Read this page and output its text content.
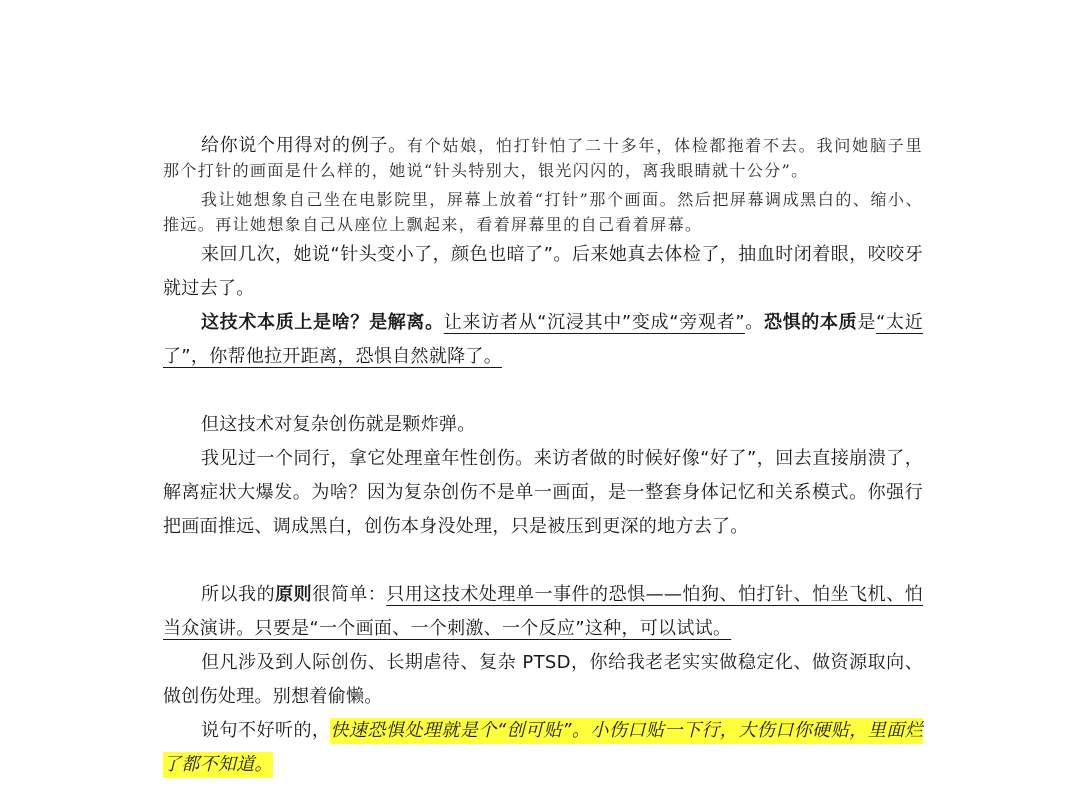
给你说个用得对的例子。有个姑娘，怕打针怕了二十多年，体检都拖着不去。我问她脑子里那个打针的画面是什么样的，她说“针头特别大，银光闪闪的，离我眼睛就十公分”。

我让她想象自己坐在电影院里，屏幕上放着“打针”那个画面。然后把屏幕调成黑白的、缩小、推远。再让她想象自己从座位上飘起来，看着屏幕里的自己看着屏幕。

来回几次，她说“针头变小了，颜色也暗了”。后来她真去体检了，抽血时闭着眼，咬咬牙就过去了。

这技术本质上是啥？是解离。让来访者从“沉浸其中”变成“旁观者”。恐惧的本质是“太近了”，你帮他拉开距离，恐惧自然就降了。

但这技术对复杂创伤就是颗炸弹。

我见过一个同行，拿它处理童年性创伤。来访者做的时候好像“好了”，回去直接崩溃了，解离症状大爆发。为啥？因为复杂创伤不是单一画面，是一整套身体记忆和关系模式。你强行把画面推远、调成黑白，创伤本身没处理，只是被压到更深的地方去了。

所以我的原则很简单：只用这技术处理单一事件的恐惧——怕狗、怕打针、怕坐飞机、怕当众演讲。只要是“一个画面、一个刺激、一个反应”这种，可以试试。

但凡涉及到人际创伤、长期虐待、复杂 PTSD，你给我老老实实做稳定化、做资源取向、做创伤处理。别想着偷懒。

说句不好听的，快速恐惧处理就是个“创可贴”。小伤口贴一下行，大伤口你硬贴，里面烂了都不知道。
